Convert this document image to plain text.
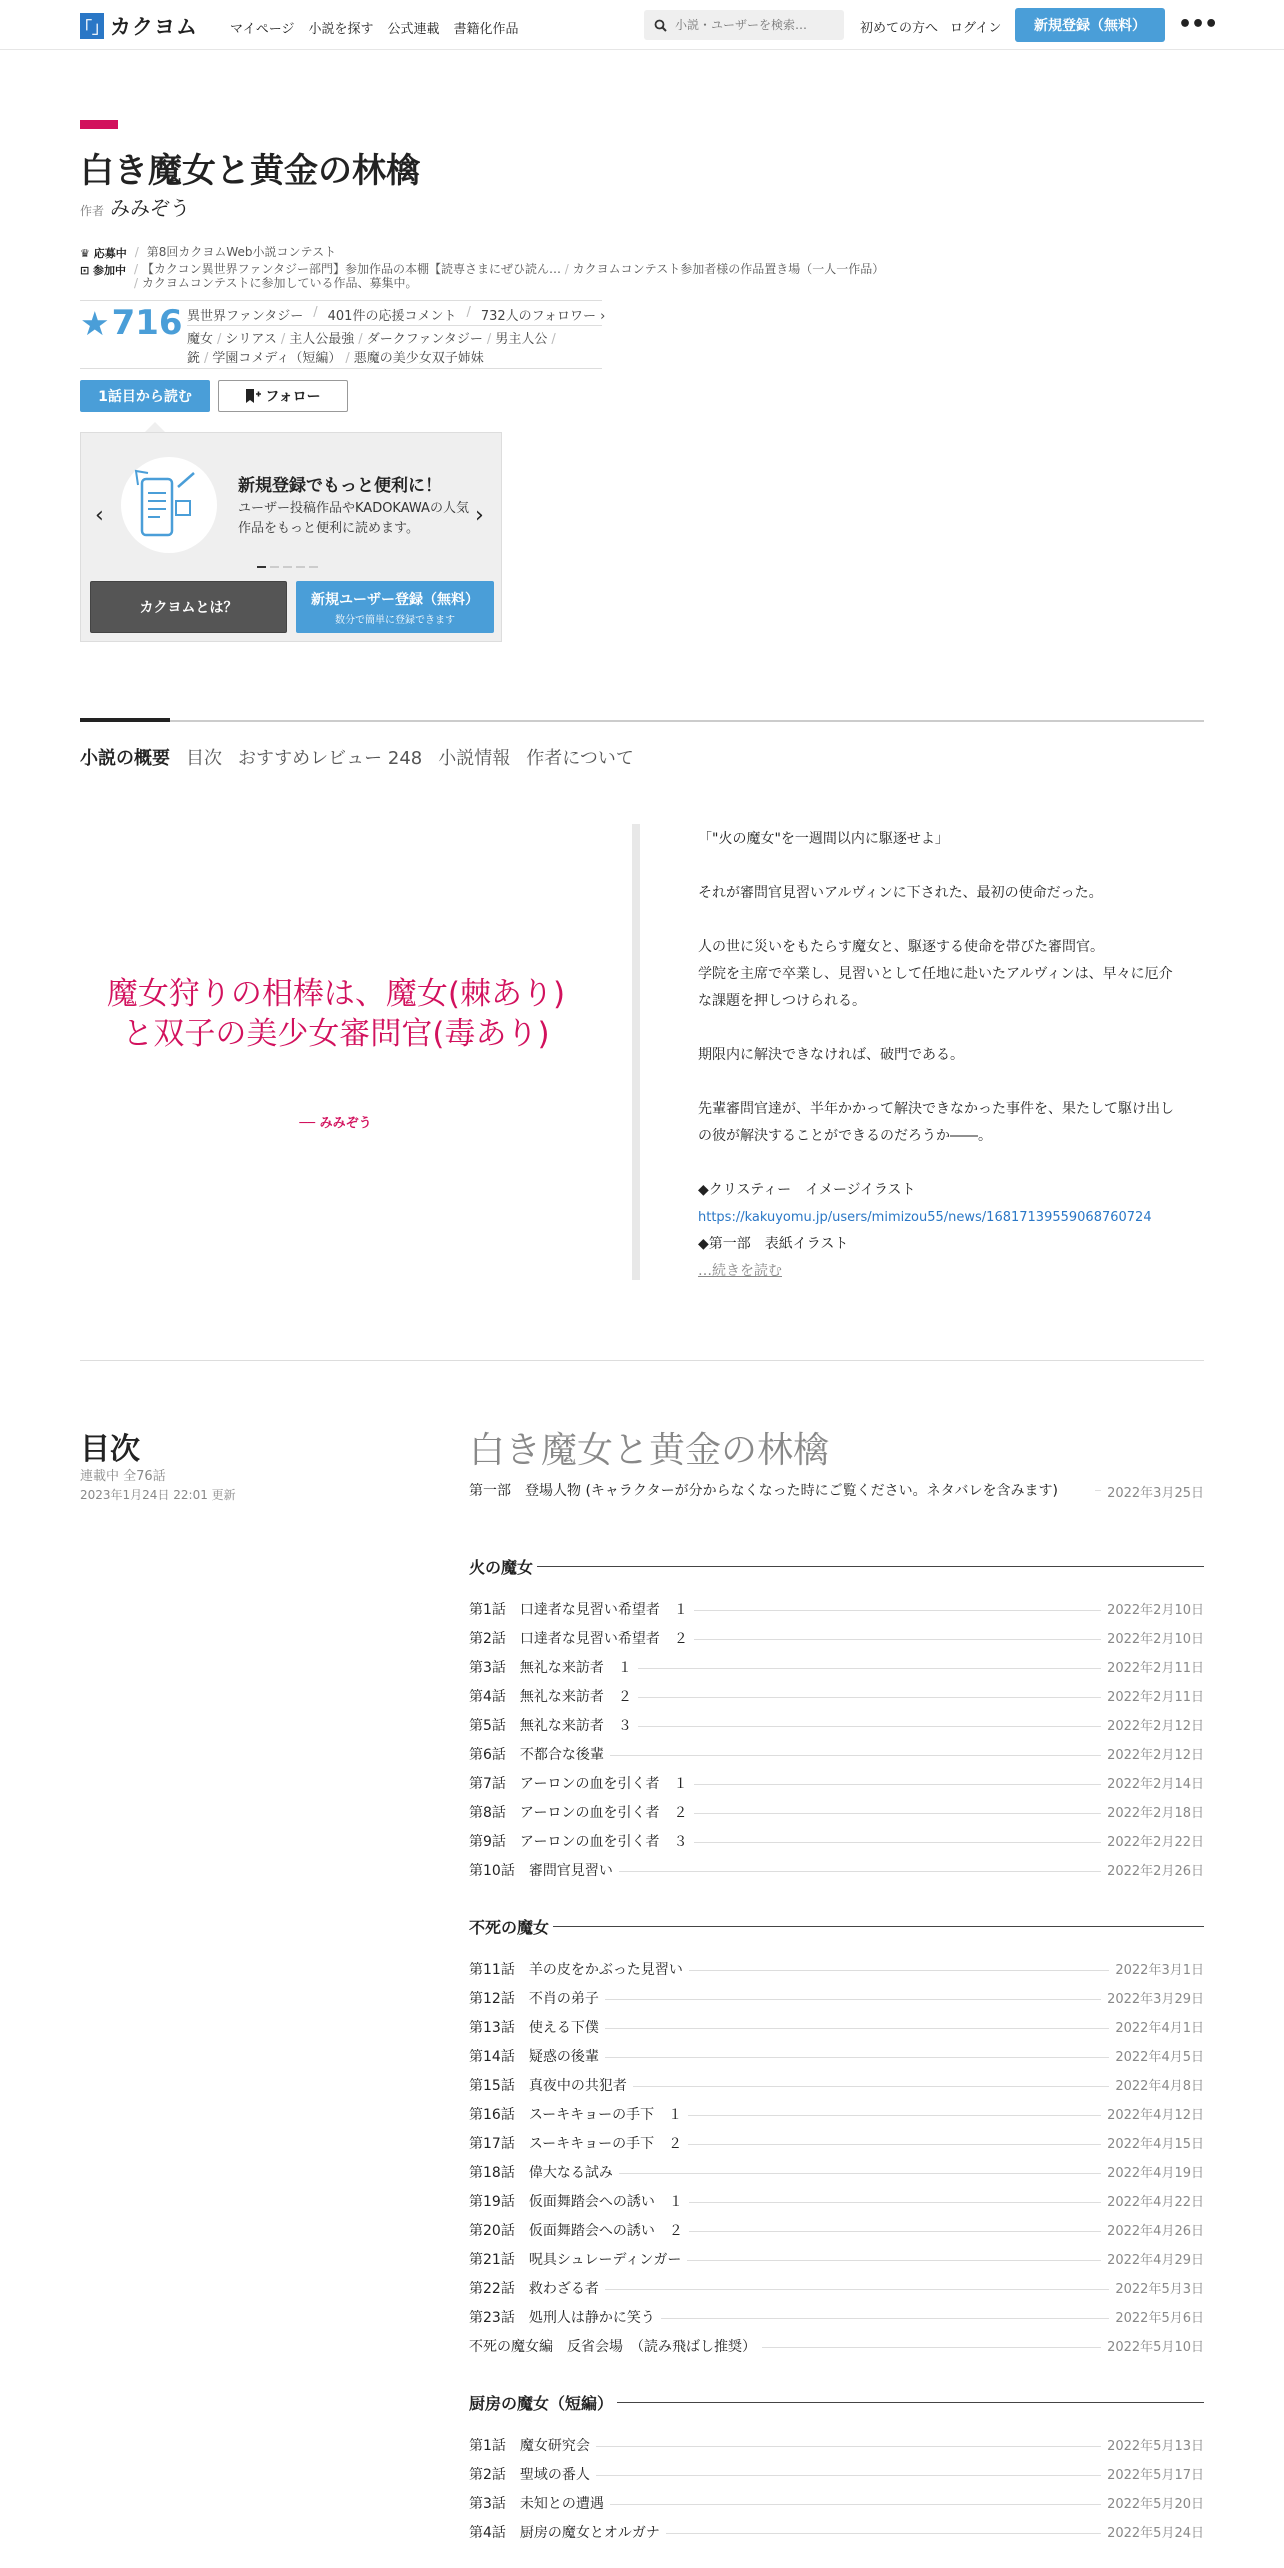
「」 カクヨム マイページ 小説を探す 公式連載 書籍化作品
小説・ユーザーを検索…	初めての方へ ログイン	新規登録（無料）	•••
白き魔女と黄金の林檎
作者 みみぞう
♛ 応募中 / 第8回カクヨムWeb小説コンテスト
⊡ 参加中 / 【カクコン異世界ファンタジー部門】参加作品の本棚【読専さまにぜひ読ん… / カクヨムコンテスト参加者様の作品置き場（一人一作品）
/ カクヨムコンテストに参加している作品、募集中。
★ 716 異世界ファンタジー / 401件の応援コメント / 732人のフォロワー ›
魔女 / シリアス / 主人公最強 / ダークファンタジー / 男主人公 /
銃 / 学園コメディ（短編） / 悪魔の美少女双子姉妹
1話目から読む	フォロー
‹
新規登録でもっと便利に！
ユーザー投稿作品やKADOKAWAの人気作品をもっと便利に読めます。
›
カクヨムとは？
新規ユーザー登録（無料）
数分で簡単に登録できます
小説の概要 目次 おすすめレビュー 248 小説情報 作者について
魔女狩りの相棒は、魔女(棘あり)と双子の美少女審問官(毒あり)
── みみぞう

「"火の魔女"を一週間以内に駆逐せよ」

それが審問官見習いアルヴィンに下された、最初の使命だった。

人の世に災いをもたらす魔女と、駆逐する使命を帯びた審問官。

学院を主席で卒業し、見習いとして任地に赴いたアルヴィンは、早々に厄介な課題を押しつけられる。

期限内に解決できなければ、破門である。

先輩審問官達が、半年かかって解決できなかった事件を、果たして駆け出しの彼が解決することができるのだろうか――。

◆クリスティー　イメージイラスト

https://kakuyomu.jp/users/mimizou55/news/16817139559068760724

◆第一部　表紙イラスト

…続きを読む

目次
連載中 全76話
2023年1月24日 22:01 更新
白き魔女と黄金の林檎
第一部　登場人物 (キャラクターが分からなくなった時にご覧ください。ネタバレを含みます)	2022年3月25日
火の魔女
第1話　口達者な見習い希望者　１	2022年2月10日
第2話　口達者な見習い希望者　２	2022年2月10日
第3話　無礼な来訪者　１	2022年2月11日
第4話　無礼な来訪者　２	2022年2月11日
第5話　無礼な来訪者　３	2022年2月12日
第6話　不都合な後輩	2022年2月12日
第7話　アーロンの血を引く者　１	2022年2月14日
第8話　アーロンの血を引く者　２	2022年2月18日
第9話　アーロンの血を引く者　３	2022年2月22日
第10話　審問官見習い	2022年2月26日
不死の魔女
第11話　羊の皮をかぶった見習い	2022年3月1日
第12話　不肖の弟子	2022年3月29日
第13話　使える下僕	2022年4月1日
第14話　疑惑の後輩	2022年4月5日
第15話　真夜中の共犯者	2022年4月8日
第16話　スーキキョーの手下　１	2022年4月12日
第17話　スーキキョーの手下　２	2022年4月15日
第18話　偉大なる試み	2022年4月19日
第19話　仮面舞踏会への誘い　１	2022年4月22日
第20話　仮面舞踏会への誘い　２	2022年4月26日
第21話　呪具シュレーディンガー	2022年4月29日
第22話　救わざる者	2022年5月3日
第23話　処刑人は静かに笑う	2022年5月6日
不死の魔女編　反省会場　（読み飛ばし推奨）	2022年5月10日
厨房の魔女（短編）
第1話　魔女研究会	2022年5月13日
第2話　聖域の番人	2022年5月17日
第3話　未知との遭遇	2022年5月20日
第4話　厨房の魔女とオルガナ	2022年5月24日
